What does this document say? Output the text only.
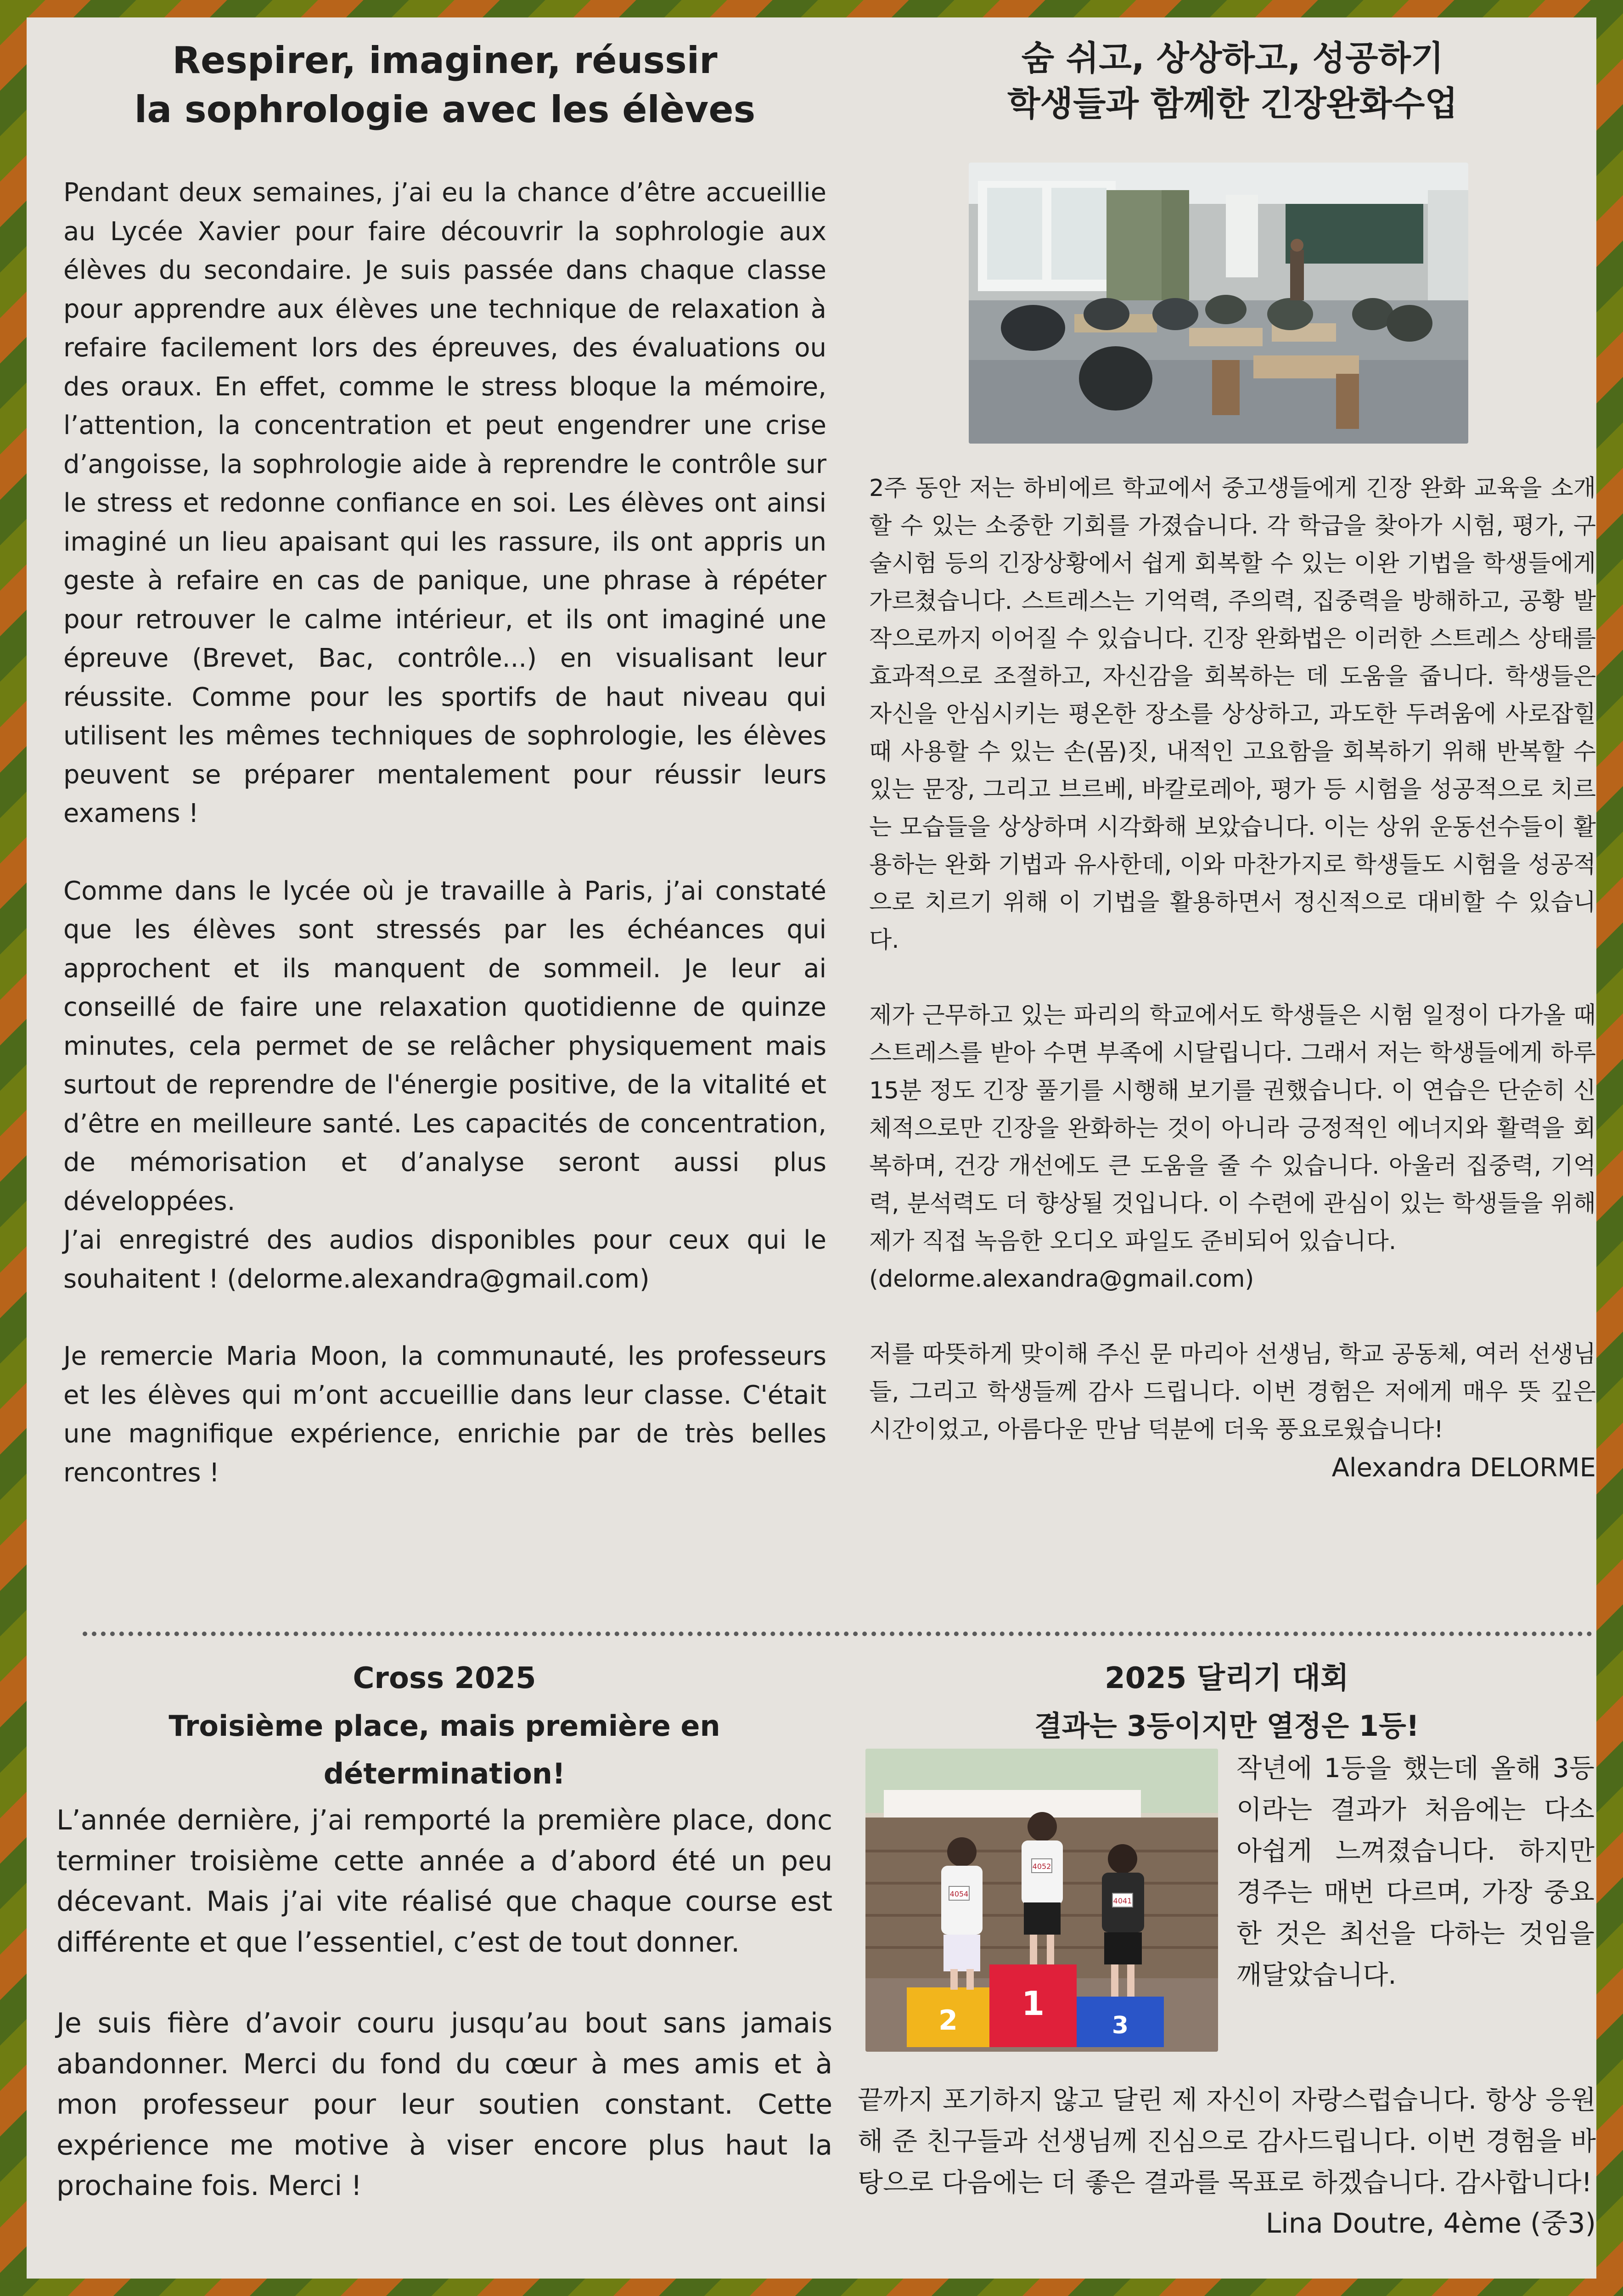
Respirer, imaginer, réussir
la sophrologie avec les élèves

Pendant deux semaines, j’ai eu la chance d’être accueillie au Lycée Xavier pour faire découvrir la sophrologie aux élèves du secondaire. Je suis passée dans chaque classe pour apprendre aux élèves une technique de relaxation à refaire facilement lors des épreuves, des évaluations ou des oraux. En effet, comme le stress bloque la mémoire, l’attention, la concentration et peut engendrer une crise d’angoisse, la sophrologie aide à reprendre le contrôle sur le stress et redonne confiance en soi. Les élèves ont ainsi imaginé un lieu apaisant qui les rassure, ils ont appris un geste à refaire en cas de panique, une phrase à répéter pour retrouver le calme intérieur, et ils ont imaginé une épreuve (Brevet, Bac, contrôle...) en visualisant leur réussite. Comme pour les sportifs de haut niveau qui utilisent les mêmes techniques de sophrologie, les élèves peuvent se préparer mentalement pour réussir leurs examens !

Comme dans le lycée où je travaille à Paris, j’ai constaté que les élèves sont stressés par les échéances qui approchent et ils manquent de sommeil. Je leur ai conseillé de faire une relaxation quotidienne de quinze minutes, cela permet de se relâcher physiquement mais surtout de reprendre de l'énergie positive, de la vitalité et d’être en meilleure santé. Les capacités de concentration, de mémorisation et d’analyse seront aussi plus développées.

J’ai enregistré des audios disponibles pour ceux qui le souhaitent ! (delorme.alexandra@gmail.com)

Je remercie Maria Moon, la communauté, les professeurs et les élèves qui m’ont accueillie dans leur classe. C'était une magnifique expérience, enrichie par de très belles rencontres !

숨 쉬고, 상상하고, 성공하기
학생들과 함께한 긴장완화수업

2주 동안 저는 하비에르 학교에서 중고생들에게 긴장 완화 교육을 소개할 수 있는 소중한 기회를 가졌습니다. 각 학급을 찾아가 시험, 평가, 구술시험 등의 긴장상황에서 쉽게 회복할 수 있는 이완 기법을 학생들에게 가르쳤습니다. 스트레스는 기억력, 주의력, 집중력을 방해하고, 공황 발작으로까지 이어질 수 있습니다. 긴장 완화법은 이러한 스트레스 상태를 효과적으로 조절하고, 자신감을 회복하는 데 도움을 줍니다. 학생들은 자신을 안심시키는 평온한 장소를 상상하고, 과도한 두려움에 사로잡힐 때 사용할 수 있는 손(몸)짓, 내적인 고요함을 회복하기 위해 반복할 수 있는 문장, 그리고 브르베, 바칼로레아, 평가 등 시험을 성공적으로 치르는 모습들을 상상하며 시각화해 보았습니다. 이는 상위 운동선수들이 활용하는 완화 기법과 유사한데, 이와 마찬가지로 학생들도 시험을 성공적으로 치르기 위해 이 기법을 활용하면서 정신적으로 대비할 수 있습니다.

제가 근무하고 있는 파리의 학교에서도 학생들은 시험 일정이 다가올 때 스트레스를 받아 수면 부족에 시달립니다. 그래서 저는 학생들에게 하루 15분 정도 긴장 풀기를 시행해 보기를 권했습니다. 이 연습은 단순히 신체적으로만 긴장을 완화하는 것이 아니라 긍정적인 에너지와 활력을 회복하며, 건강 개선에도 큰 도움을 줄 수 있습니다. 아울러 집중력, 기억력, 분석력도 더 향상될 것입니다. 이 수련에 관심이 있는 학생들을 위해 제가 직접 녹음한 오디오 파일도 준비되어 있습니다.
(delorme.alexandra@gmail.com)

저를 따뜻하게 맞이해 주신 문 마리아 선생님, 학교 공동체, 여러 선생님들, 그리고 학생들께 감사 드립니다. 이번 경험은 저에게 매우 뜻 깊은 시간이었고, 아름다운 만남 덕분에 더욱 풍요로웠습니다!

Alexandra DELORME

Cross 2025
Troisième place, mais première en détermination!

L’année dernière, j’ai remporté la première place, donc terminer troisième cette année a d’abord été un peu décevant. Mais j’ai vite réalisé que chaque course est différente et que l’essentiel, c’est de tout donner.

Je suis fière d’avoir couru jusqu’au bout sans jamais abandonner. Merci du fond du cœur à mes amis et à mon professeur pour leur soutien constant. Cette expérience me motive à viser encore plus haut la prochaine fois. Merci !

2025 달리기 대회
결과는 3등이지만 열정은 1등!
2 1
3
4054
4052
4041

작년에 1등을 했는데 올해 3등이라는 결과가 처음에는 다소 아쉽게 느껴졌습니다. 하지만 경주는 매번 다르며, 가장 중요한 것은 최선을 다하는 것임을 깨달았습니다.

끝까지 포기하지 않고 달린 제 자신이 자랑스럽습니다. 항상 응원해 준 친구들과 선생님께 진심으로 감사드립니다. 이번 경험을 바탕으로 다음에는 더 좋은 결과를 목표로 하겠습니다. 감사합니다!

Lina Doutre, 4ème (중3)
